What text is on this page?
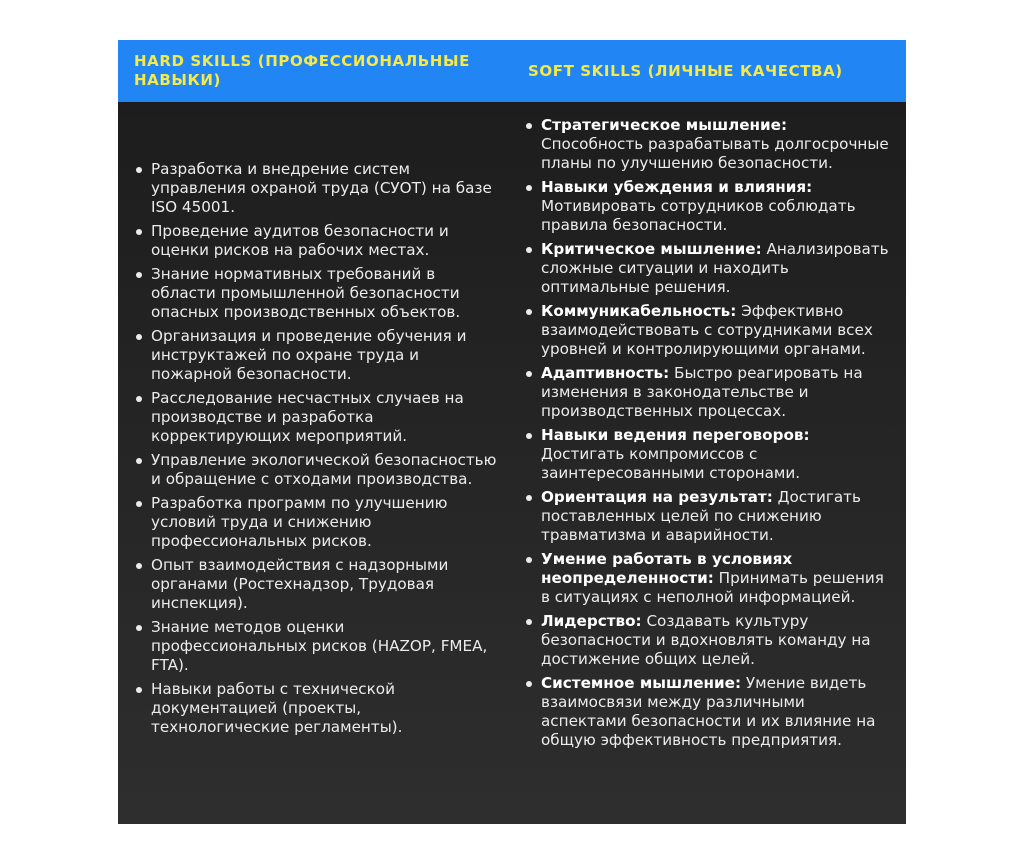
HARD SKILLS (ПРОФЕССИОНАЛЬНЫЕ НАВЫКИ)
SOFT SKILLS (ЛИЧНЫЕ КАЧЕСТВА)
Разработка и внедрение систем управления охраной труда (СУОТ) на базе ISO 45001.
Проведение аудитов безопасности и оценки рисков на рабочих местах.
Знание нормативных требований в области промышленной безопасности опасных производственных объектов.
Организация и проведение обучения и инструктажей по охране труда и пожарной безопасности.
Расследование несчастных случаев на производстве и разработка корректирующих мероприятий.
Управление экологической безопасностью и обращение с отходами производства.
Разработка программ по улучшению условий труда и снижению профессиональных рисков.
Опыт взаимодействия с надзорными органами (Ростехнадзор, Трудовая инспекция).
Знание методов оценки профессиональных рисков (HAZOP, FMEA, FTA).
Навыки работы с технической документацией (проекты, технологические регламенты).
Стратегическое мышление: Способность разрабатывать долгосрочные планы по улучшению безопасности.
Навыки убеждения и влияния: Мотивировать сотрудников соблюдать правила безопасности.
Критическое мышление: Анализировать сложные ситуации и находить оптимальные решения.
Коммуникабельность: Эффективно взаимодействовать с сотрудниками всех уровней и контролирующими органами.
Адаптивность: Быстро реагировать на изменения в законодательстве и производственных процессах.
Навыки ведения переговоров: Достигать компромиссов с заинтересованными сторонами.
Ориентация на результат: Достигать поставленных целей по снижению травматизма и аварийности.
Умение работать в условиях неопределенности: Принимать решения в ситуациях с неполной информацией.
Лидерство: Создавать культуру безопасности и вдохновлять команду на достижение общих целей.
Системное мышление: Умение видеть взаимосвязи между различными аспектами безопасности и их влияние на общую эффективность предприятия.
